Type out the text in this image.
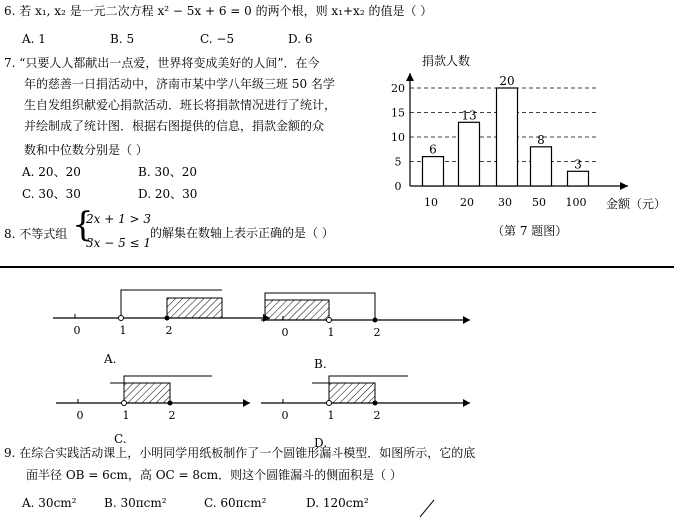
6. 若 x₁, x₂ 是一元二次方程 x² − 5x + 6 = 0 的两个根，则 x₁+x₂ 的值是（ ）
A. 1	B. 5	C. −5	D. 6
7. “只要人人都献出一点爱，世界将变成美好的人间”．在今
年的慈善一日捐活动中，济南市某中学八年级三班 50 名学
生自发组织献爱心捐款活动．班长将捐款情况进行了统计，
并绘制成了统计图．根据右图提供的信息，捐款金额的众
数和中位数分别是（ ）
A. 20、20	B. 30、20
C. 30、30	D. 20、30
0
5
10
15
20
6
10
13
20
20
30
8
50
3
100
捐款人数
金额（元）
（第 7 题图）
8. 不等式组 {
2x + 1 > 3
3x − 5 ≤ 1
的解集在数轴上表示正确的是（ ）
0	1	2	0	1	2
0	1	2	0	1	2
A.	B.
C.	D.
9. 在综合实践活动课上，小明同学用纸板制作了一个圆锥形漏斗模型．如图所示，它的底
面半径 OB = 6cm，高 OC = 8cm．则这个圆锥漏斗的侧面积是（ ）
A. 30cm² B. 30πcm²	C. 60πcm²	D. 120cm²
